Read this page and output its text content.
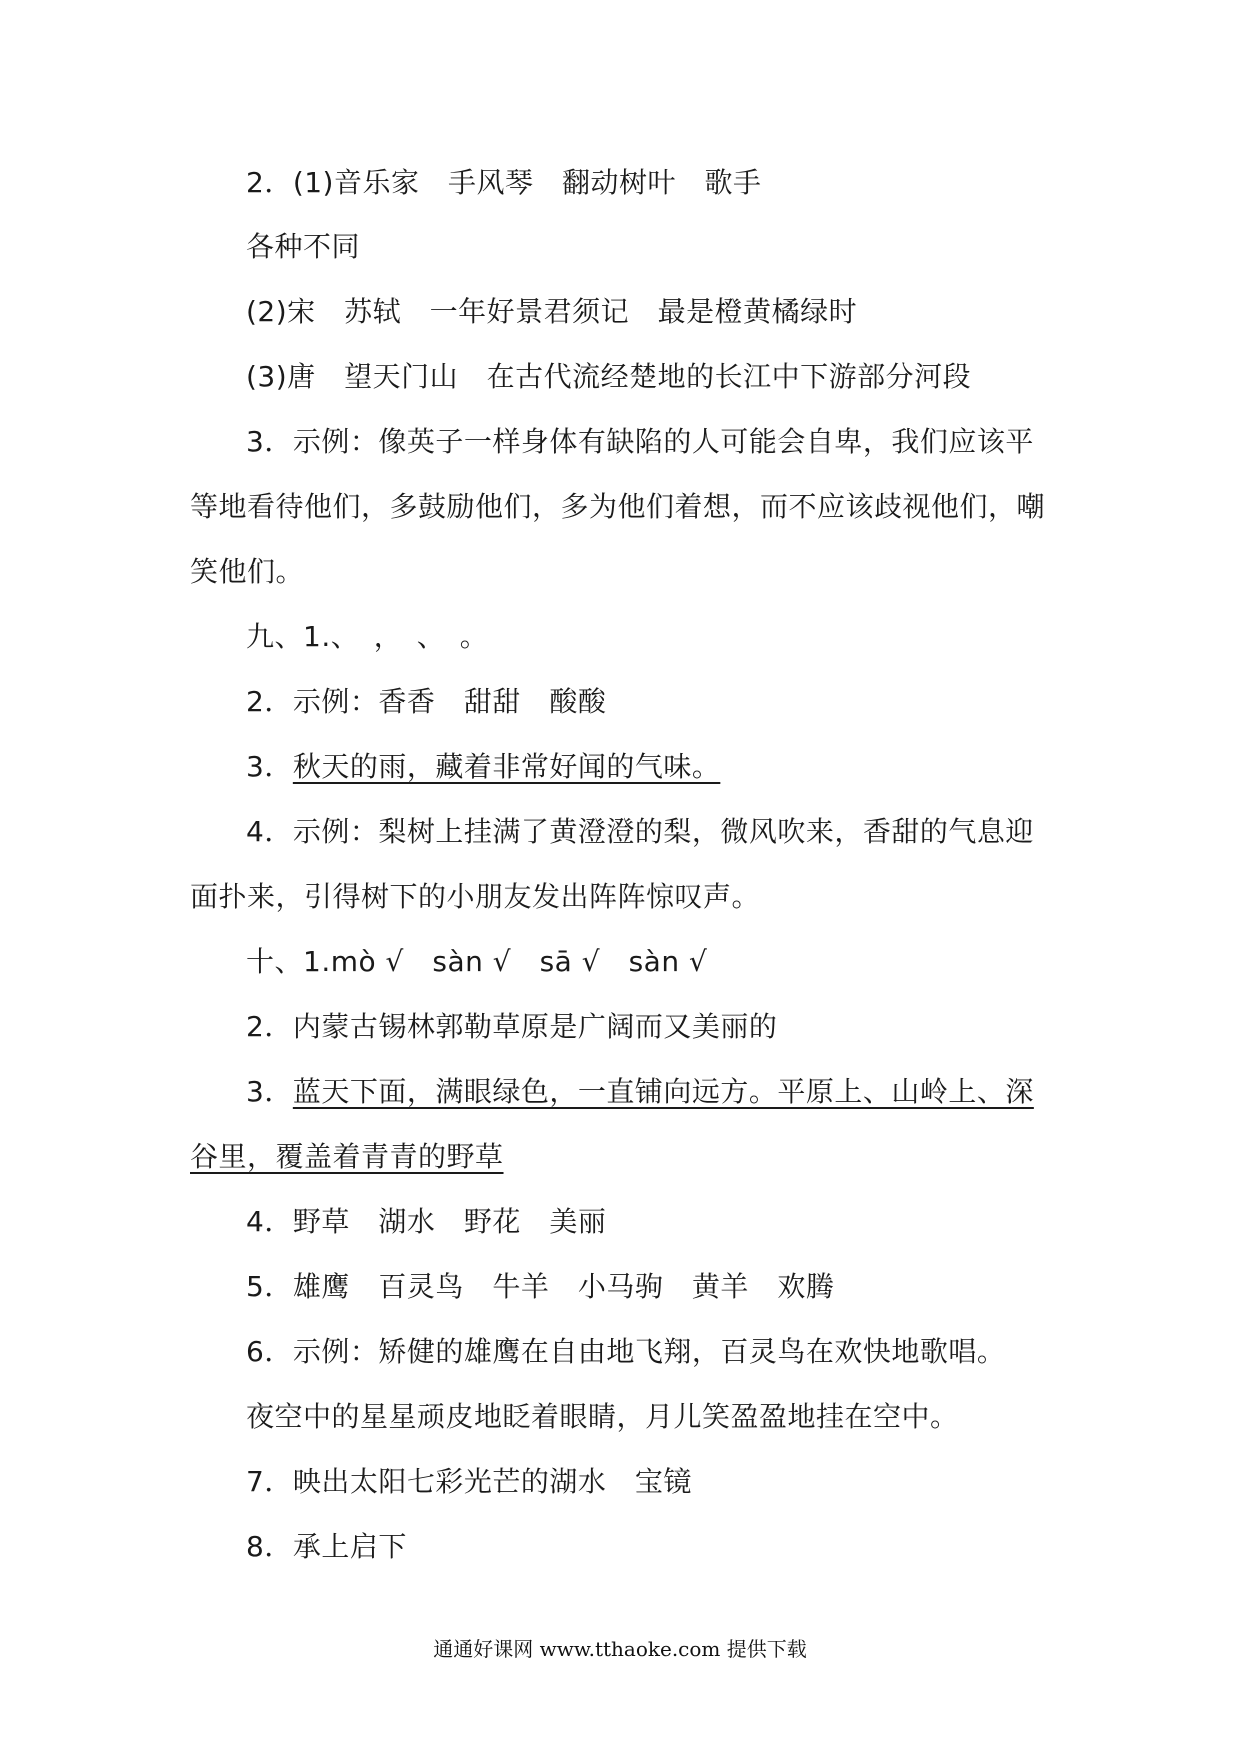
2．(1)音乐家　手风琴　翻动树叶　歌手
各种不同
(2)宋　苏轼　一年好景君须记　最是橙黄橘绿时
(3)唐　望天门山　在古代流经楚地的长江中下游部分河段
3．示例：像英子一样身体有缺陷的人可能会自卑，我们应该平
等地看待他们，多鼓励他们，多为他们着想，而不应该歧视他们，嘲
笑他们。
九、1.、　，　、　。
2．示例：香香　甜甜　酸酸
3．秋天的雨，藏着非常好闻的气味。
4．示例：梨树上挂满了黄澄澄的梨，微风吹来，香甜的气息迎
面扑来，引得树下的小朋友发出阵阵惊叹声。
十、1.mò √　sàn √　sā √　sàn √
2．内蒙古锡林郭勒草原是广阔而又美丽的
3．蓝天下面，满眼绿色，一直铺向远方。平原上、山岭上、深
谷里，覆盖着青青的野草
4．野草　湖水　野花　美丽
5．雄鹰　百灵鸟　牛羊　小马驹　黄羊　欢腾
6．示例：矫健的雄鹰在自由地飞翔，百灵鸟在欢快地歌唱。
夜空中的星星顽皮地眨着眼睛，月儿笑盈盈地挂在空中。
7．映出太阳七彩光芒的湖水　宝镜
8．承上启下
通通好课网 www.tthaoke.com 提供下载
